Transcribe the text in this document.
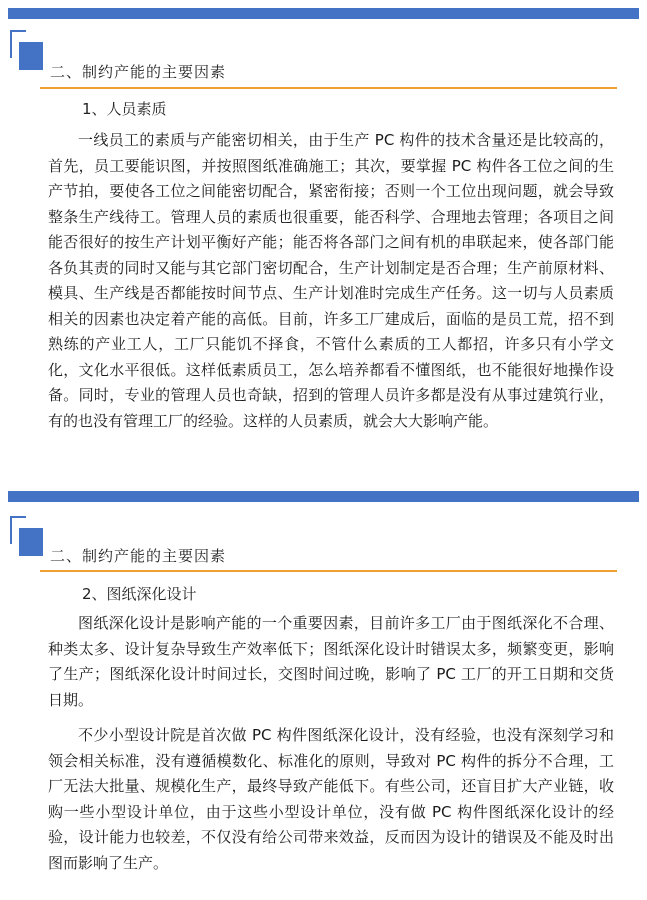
二、制约产能的主要因素
1、人员素质

一线员工的素质与产能密切相关，由于生产 PC 构件的技术含量还是比较高的，首先，员工要能识图，并按照图纸准确施工；其次，要掌握 PC 构件各工位之间的生产节拍，要使各工位之间能密切配合，紧密衔接；否则一个工位出现问题，就会导致整条生产线待工。管理人员的素质也很重要，能否科学、合理地去管理；各项目之间能否很好的按生产计划平衡好产能；能否将各部门之间有机的串联起来，使各部门能各负其责的同时又能与其它部门密切配合，生产计划制定是否合理；生产前原材料、模具、生产线是否都能按时间节点、生产计划准时完成生产任务。这一切与人员素质相关的因素也决定着产能的高低。目前，许多工厂建成后，面临的是员工荒，招不到熟练的产业工人，工厂只能饥不择食，不管什么素质的工人都招，许多只有小学文化，文化水平很低。这样低素质员工，怎么培养都看不懂图纸，也不能很好地操作设备。同时，专业的管理人员也奇缺，招到的管理人员许多都是没有从事过建筑行业，有的也没有管理工厂的经验。这样的人员素质，就会大大影响产能。

二、制约产能的主要因素
2、图纸深化设计

图纸深化设计是影响产能的一个重要因素，目前许多工厂由于图纸深化不合理、种类太多、设计复杂导致生产效率低下；图纸深化设计时错误太多，频繁变更，影响了生产；图纸深化设计时间过长，交图时间过晚，影响了 PC 工厂的开工日期和交货日期。

不少小型设计院是首次做 PC 构件图纸深化设计，没有经验，也没有深刻学习和领会相关标准，没有遵循模数化、标准化的原则，导致对 PC 构件的拆分不合理，工厂无法大批量、规模化生产，最终导致产能低下。有些公司，还盲目扩大产业链，收购一些小型设计单位，由于这些小型设计单位，没有做 PC 构件图纸深化设计的经验，设计能力也较差，不仅没有给公司带来效益，反而因为设计的错误及不能及时出图而影响了生产。
